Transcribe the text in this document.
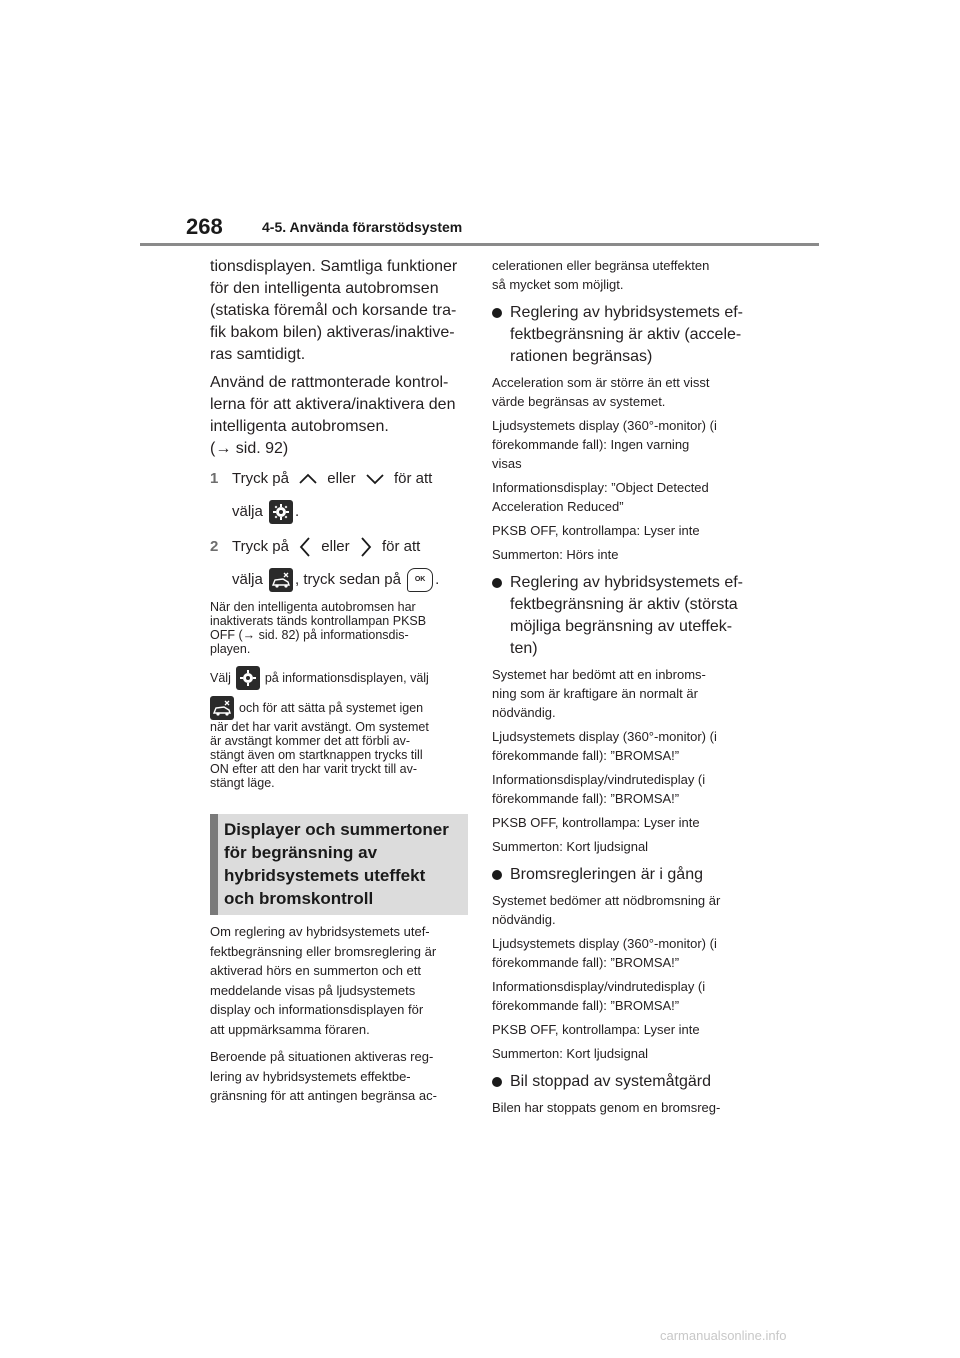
268	4-5. Använda förarstödsystem
tionsdisplayen. Samtliga funktioner
för den intelligenta autobromsen
(statiska föremål och korsande tra-
fik bakom bilen) aktiveras/inaktive-
ras samtidigt.
Använd de rattmonterade kontrol-
lerna för att aktivera/inaktivera den
intelligenta autobromsen.
(→ sid. 92)
1 Tryck på	eller	för att
välja .
2 Tryck på eller för att
välja , tryck sedan på OK .
När den intelligenta autobromsen har
inaktiverats tänds kontrollampan PKSB
OFF (→ sid. 82) på informationsdis-
playen.
Välj	på informationsdisplayen, välj
och för att sätta på systemet igen
när det har varit avstängt. Om systemet
är avstängt kommer det att förbli av-
stängt även om startknappen trycks till
ON efter att den har varit tryckt till av-
stängt läge.
Displayer och summertoner
för begränsning av
hybridsystemets uteffekt
och bromskontroll
Om reglering av hybridsystemets utef-
fektbegränsning eller bromsreglering är
aktiverad hörs en summerton och ett
meddelande visas på ljudsystemets
display och informationsdisplayen för
att uppmärksamma föraren.
Beroende på situationen aktiveras reg-
lering av hybridsystemets effektbe-
gränsning för att antingen begränsa ac-
celerationen eller begränsa uteffekten
så mycket som möjligt.
Reglering av hybridsystemets ef-
fektbegränsning är aktiv (accele-
rationen begränsas)
Acceleration som är större än ett visst
värde begränsas av systemet.
Ljudsystemets display (360°-monitor) (i
förekommande fall): Ingen varning
visas
Informationsdisplay: ”Object Detected
Acceleration Reduced”
PKSB OFF, kontrollampa: Lyser inte
Summerton: Hörs inte
Reglering av hybridsystemets ef-
fektbegränsning är aktiv (största
möjliga begränsning av uteffek-
ten)
Systemet har bedömt att en inbroms-
ning som är kraftigare än normalt är
nödvändig.
Ljudsystemets display (360°-monitor) (i
förekommande fall): ”BROMSA!”
Informationsdisplay/vindrutedisplay (i
förekommande fall): ”BROMSA!”
PKSB OFF, kontrollampa: Lyser inte
Summerton: Kort ljudsignal
Bromsregleringen är i gång
Systemet bedömer att nödbromsning är
nödvändig.
Ljudsystemets display (360°-monitor) (i
förekommande fall): ”BROMSA!”
Informationsdisplay/vindrutedisplay (i
förekommande fall): ”BROMSA!”
PKSB OFF, kontrollampa: Lyser inte
Summerton: Kort ljudsignal
Bil stoppad av systemåtgärd
Bilen har stoppats genom en bromsreg-
carmanualsonline.info
